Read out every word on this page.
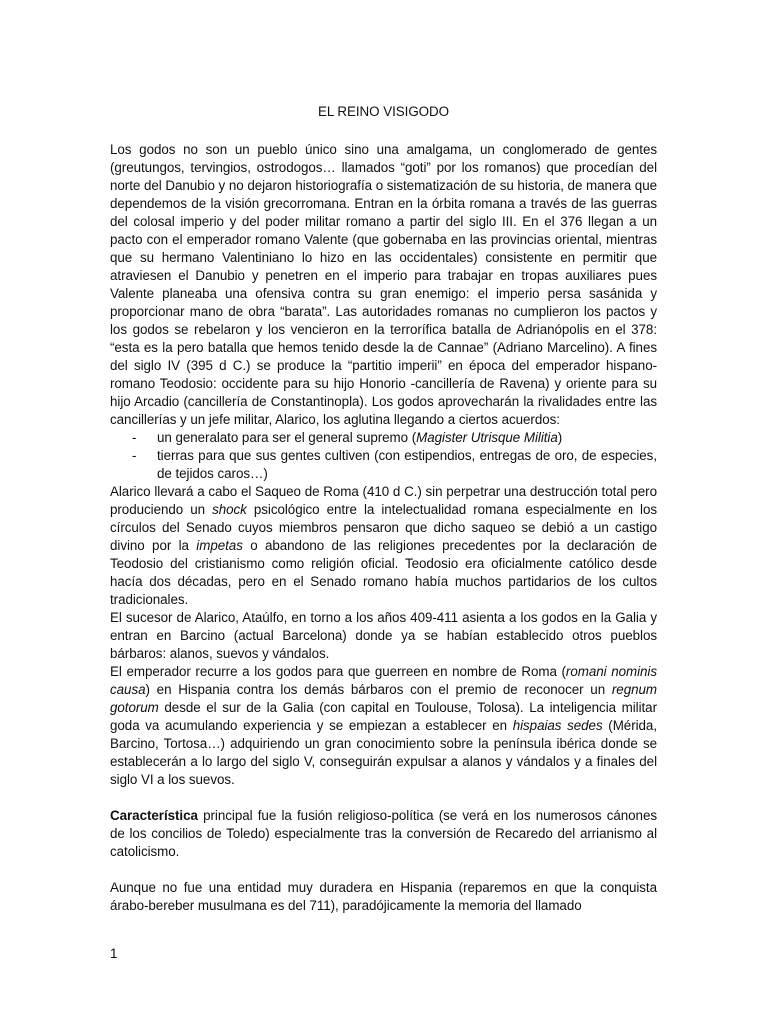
EL REINO VISIGODO

Los godos no son un pueblo único sino una amalgama, un conglomerado de gentes (greutungos, tervingios, ostrodogos… llamados “goti” por los romanos) que procedían del norte del Danubio y no dejaron historiografía o sistematización de su historia, de manera que dependemos de la visión grecorromana. Entran en la órbita romana a través de las guerras del colosal imperio y del poder militar romano a partir del siglo III. En el 376 llegan a un pacto con el emperador romano Valente (que gobernaba en las provincias oriental, mientras que su hermano Valentiniano lo hizo en las occidentales) consistente en permitir que atraviesen el Danubio y penetren en el imperio para trabajar en tropas auxiliares pues Valente planeaba una ofensiva contra su gran enemigo: el imperio persa sasánida y proporcionar mano de obra “barata”. Las autoridades romanas no cumplieron los pactos y los godos se rebelaron y los vencieron en la terrorífica batalla de Adrianópolis en el 378: “esta es la pero batalla que hemos tenido desde la de Cannae” (Adriano Marcelino). A fines del siglo IV (395 d C.) se produce la “partitio imperii” en época del emperador hispano-romano Teodosio: occidente para su hijo Honorio -cancillería de Ravena) y oriente para su hijo Arcadio (cancillería de Constantinopla). Los godos aprovecharán la rivalidades entre las cancillerías y un jefe militar, Alarico, los aglutina llegando a ciertos acuerdos:

- un generalato para ser el general supremo (Magister Utrisque Militia)
- tierras para que sus gentes cultiven (con estipendios, entregas de oro, de especies, de tejidos caros…)

Alarico llevará a cabo el Saqueo de Roma (410 d C.) sin perpetrar una destrucción total pero produciendo un shock psicológico entre la intelectualidad romana especialmente en los círculos del Senado cuyos miembros pensaron que dicho saqueo se debió a un castigo divino por la impetas o abandono de las religiones precedentes por la declaración de Teodosio del cristianismo como religión oficial. Teodosio era oficialmente católico desde hacía dos décadas, pero en el Senado romano había muchos partidarios de los cultos tradicionales.

El sucesor de Alarico, Ataúlfo, en torno a los años 409-411 asienta a los godos en la Galia y entran en Barcino (actual Barcelona) donde ya se habían establecido otros pueblos bárbaros: alanos, suevos y vándalos.

El emperador recurre a los godos para que guerreen en nombre de Roma (romani nominis causa) en Hispania contra los demás bárbaros con el premio de reconocer un regnum gotorum desde el sur de la Galia (con capital en Toulouse, Tolosa). La inteligencia militar goda va acumulando experiencia y se empiezan a establecer en hispaias sedes (Mérida, Barcino, Tortosa…) adquiriendo un gran conocimiento sobre la península ibérica donde se establecerán a lo largo del siglo V, conseguirán expulsar a alanos y vándalos y a finales del siglo VI a los suevos.

Característica principal fue la fusión religioso-política (se verá en los numerosos cánones de los concilios de Toledo) especialmente tras la conversión de Recaredo del arrianismo al catolicismo.

Aunque no fue una entidad muy duradera en Hispania (reparemos en que la conquista árabo-bereber musulmana es del 711), paradójicamente la memoria del llamado

1
